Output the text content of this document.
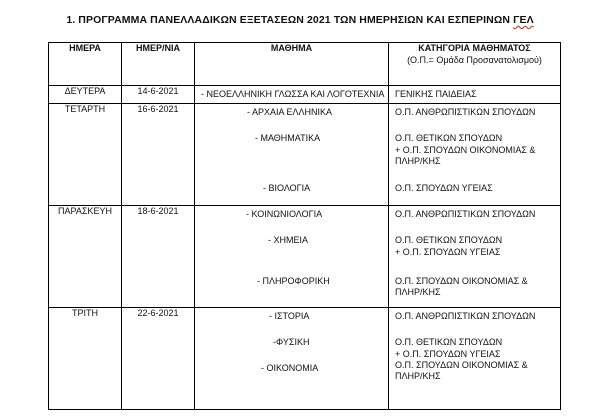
1. ΠΡΟΓΡΑΜΜΑ ΠΑΝΕΛΛΑΔΙΚΩΝ ΕΞΕΤΑΣΕΩΝ 2021 ΤΩΝ ΗΜΕΡΗΣΙΩΝ ΚΑΙ ΕΣΠΕΡΙΝΩΝ ΓΕΛ
ΗΜΕΡΑ	ΗΜΕΡ/ΝΙΑ	ΜΑΘΗΜΑ	ΚΑΤΗΓΟΡΙΑ ΜΑΘΗΜΑΤΟΣ
(Ο.Π.= Ομάδα Προσανατολισμού)

ΔΕΥΤΕΡΑ	14-6-2021	- ΝΕΟΕΛΛΗΝΙΚΗ ΓΛΩΣΣΑ ΚΑΙ ΛΟΓΟΤΕΧΝΙΑ	ΓΕΝΙΚΗΣ ΠΑΙΔΕΙΑΣ

ΤΕΤΑΡΤΗ	16-6-2021	- ΑΡΧΑΙΑ ΕΛΛΗΝΙΚΑ
- ΜΑΘΗΜΑΤΙΚΑ
- ΒΙΟΛΟΓΙΑ	Ο.Π. ΑΝΘΡΩΠΙΣΤΙΚΩΝ ΣΠΟΥΔΩΝ
Ο.Π. ΘΕΤΙΚΩΝ ΣΠΟΥΔΩΝ
+ Ο.Π. ΣΠΟΥΔΩΝ ΟΙΚΟΝΟΜΙΑΣ &
ΠΛΗΡ/ΚΗΣ
Ο.Π. ΣΠΟΥΔΩΝ ΥΓΕΙΑΣ

ΠΑΡΑΣΚΕΥΗ	18-6-2021	- ΚΟΙΝΩΝΙΟΛΟΓΙΑ
- ΧΗΜΕΙΑ
- ΠΛΗΡΟΦΟΡΙΚΗ	Ο.Π. ΑΝΘΡΩΠΙΣΤΙΚΩΝ ΣΠΟΥΔΩΝ
Ο.Π. ΘΕΤΙΚΩΝ ΣΠΟΥΔΩΝ
+ Ο.Π. ΣΠΟΥΔΩΝ ΥΓΕΙΑΣ
Ο.Π. ΣΠΟΥΔΩΝ ΟΙΚΟΝΟΜΙΑΣ &
ΠΛΗΡ/ΚΗΣ

ΤΡΙΤΗ	22-6-2021	- ΙΣΤΟΡΙΑ
-ΦΥΣΙΚΗ
- ΟΙΚΟΝΟΜΙΑ	Ο.Π. ΑΝΘΡΩΠΙΣΤΙΚΩΝ ΣΠΟΥΔΩΝ
Ο.Π. ΘΕΤΙΚΩΝ ΣΠΟΥΔΩΝ
+ Ο.Π. ΣΠΟΥΔΩΝ ΥΓΕΙΑΣ
Ο.Π. ΣΠΟΥΔΩΝ ΟΙΚΟΝΟΜΙΑΣ &
ΠΛΗΡ/ΚΗΣ
